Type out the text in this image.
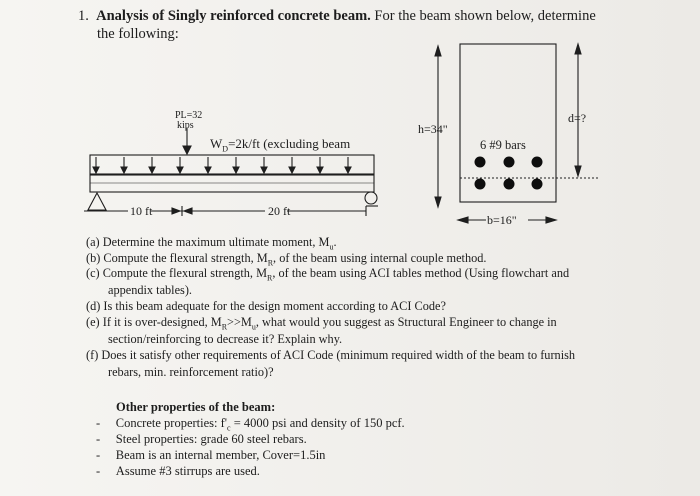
1. Analysis of Singly reinforced concrete beam. For the beam shown below, determine
the following:
PL=32
kips
$W_D=2k/ft$ (excluding beam
10 ft	20 ft
h=34"
6 #9 bars
d=?
b=16"
(a) Determine the maximum ultimate moment, $M_u$.
(b) Compute the flexural strength, $M_R$, of the beam using internal couple method.
(c) Compute the flexural strength, $M_R$, of the beam using ACI tables method (Using flowchart and
appendix tables).
(d) Is this beam adequate for the design moment according to ACI Code?
(e) If it is over-designed, $M_R>>M_u$, what would you suggest as Structural Engineer to change in
section/reinforcing to decrease it? Explain why.
(f) Does it satisfy other requirements of ACI Code (minimum required width of the beam to furnish
rebars, min. reinforcement ratio)?
Other properties of the beam:
-     Concrete properties: $f'_c = 4000$ psi and density of 150 pcf.
-     Steel properties: grade 60 steel rebars.
-     Beam is an internal member, Cover=1.5in
-     Assume #3 stirrups are used.
